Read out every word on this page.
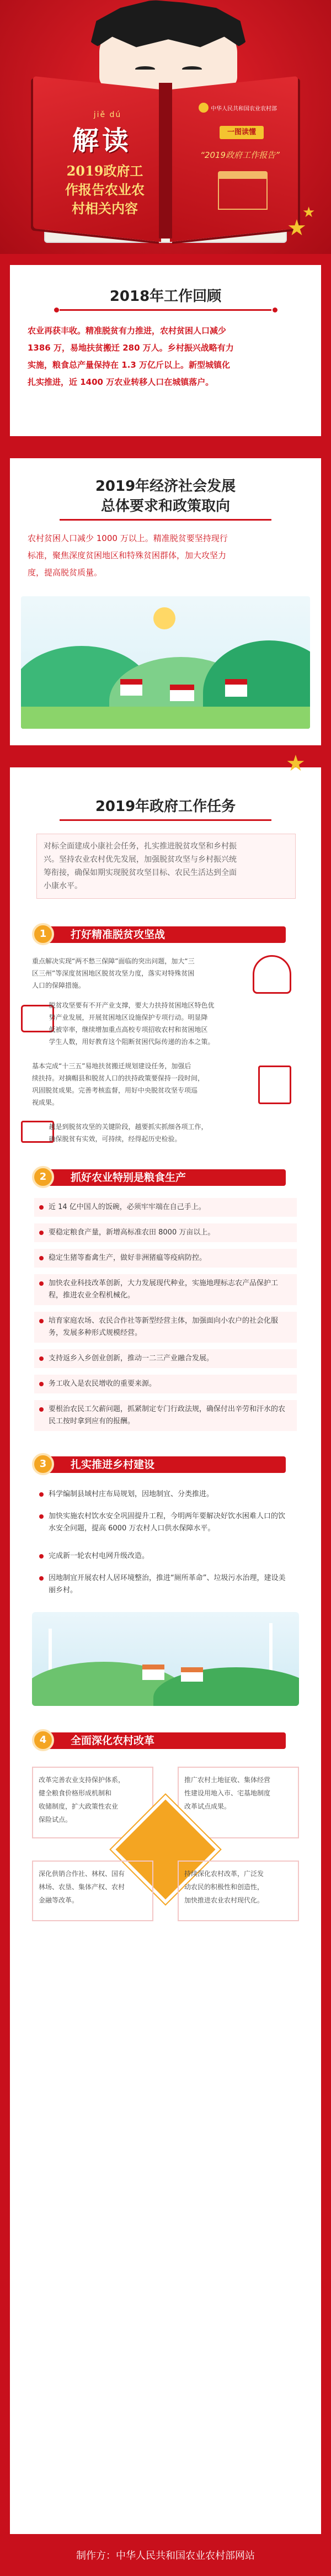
jiě dú
解读
2019政府工
作报告农业农
村相关内容
中华人民共和国农业农村部
一图读懂
“2019政府工作报告”
★
★
2018年工作回顾
农业再获丰收。精准脱贫有力推进，农村贫困人口减少
1386 万，易地扶贫搬迁 280 万人。乡村振兴战略有力
实施，粮食总产量保持在 1.3 万亿斤以上。新型城镇化
扎实推进，近 1400 万农业转移人口在城镇落户。
2019年经济社会发展
总体要求和政策取向
农村贫困人口减少 1000 万以上。精准脱贫要坚持现行
标准，聚焦深度贫困地区和特殊贫困群体，加大攻坚力
度，提高脱贫质量。
★
2019年政府工作任务
对标全面建成小康社会任务，扎实推进脱贫攻坚和乡村振
兴。坚持农业农村优先发展，加强脱贫攻坚与乡村振兴统
筹衔接，确保如期实现脱贫攻坚目标、农民生活达到全面
小康水平。
1	打好精准脱贫攻坚战
重点解决实现“两不愁三保障”面临的突出问题，加大“三
区三州”等深度贫困地区脱贫攻坚力度，落实对特殊贫困
人口的保障措施。
脱贫攻坚要有不开产业支撑，要大力扶持贫困地区特色优
势产业发展，开展贫困地区设施保护专项行动。明显降
低被宰率，继续增加重点高校专项招收农村和贫困地区
学生人数，用好教育这个阻断贫困代际传递的治本之策。
基本完成“十三五”易地扶贫搬迁规划建设任务，加强后
续扶持。对摘帽县和脱贫人口的扶持政策要保持一段时间，
巩固脱贫成果。完善考核监督，用好中央脱贫攻坚专项巡
视成果。
越是到脱贫攻坚的关键阶段，越要抓实抓细各项工作，
确保脱贫有实效，可持续，经得起历史检验。
2	抓好农业特别是粮食生产
近 14 亿中国人的饭碗，必须牢牢端在自己手上。
要稳定粮食产量，新增高标准农田 8000 万亩以上。
稳定生猪等畜禽生产，做好非洲猪瘟等疫病防控。
加快农业科技改革创新，大力发展现代种业，实施地理标志农产品保护工程，推进农业全程机械化。
培育家庭农场、农民合作社等新型经营主体，加强面向小农户的社会化服务，发展多种形式规模经营。
支持返乡入乡创业创新，推动一二三产业融合发展。
务工收入是农民增收的重要来源。
要根治农民工欠薪问题，抓紧制定专门行政法规，确保付出辛劳和汗水的农民工按时拿到应有的报酬。
3	扎实推进乡村建设
科学编制县域村庄布局规划，因地制宜、分类推进。
加快实施农村饮水安全巩固提升工程，今明两年要解决好饮水困难人口的饮水安全问题，提高 6000 万农村人口供水保障水平。
完成新一轮农村电网升级改造。
因地制宜开展农村人居环境整治，推进“厕所革命”、垃圾污水治理，建设美丽乡村。
4	全面深化农村改革
改革完善农业支持保护体系，
健全粮食价格形成机制和
收储制度，扩大政策性农业
保险试点。
推广农村土地征收、集体经营
性建设用地入市、宅基地制度
改革试点成果。
深化供销合作社、林权、国有
林场、农垦、集体产权、农村
金融等改革。
持续深化农村改革，广泛发
动农民的积极性和创造性，
加快推进农业农村现代化。
制作方：中华人民共和国农业农村部网站
